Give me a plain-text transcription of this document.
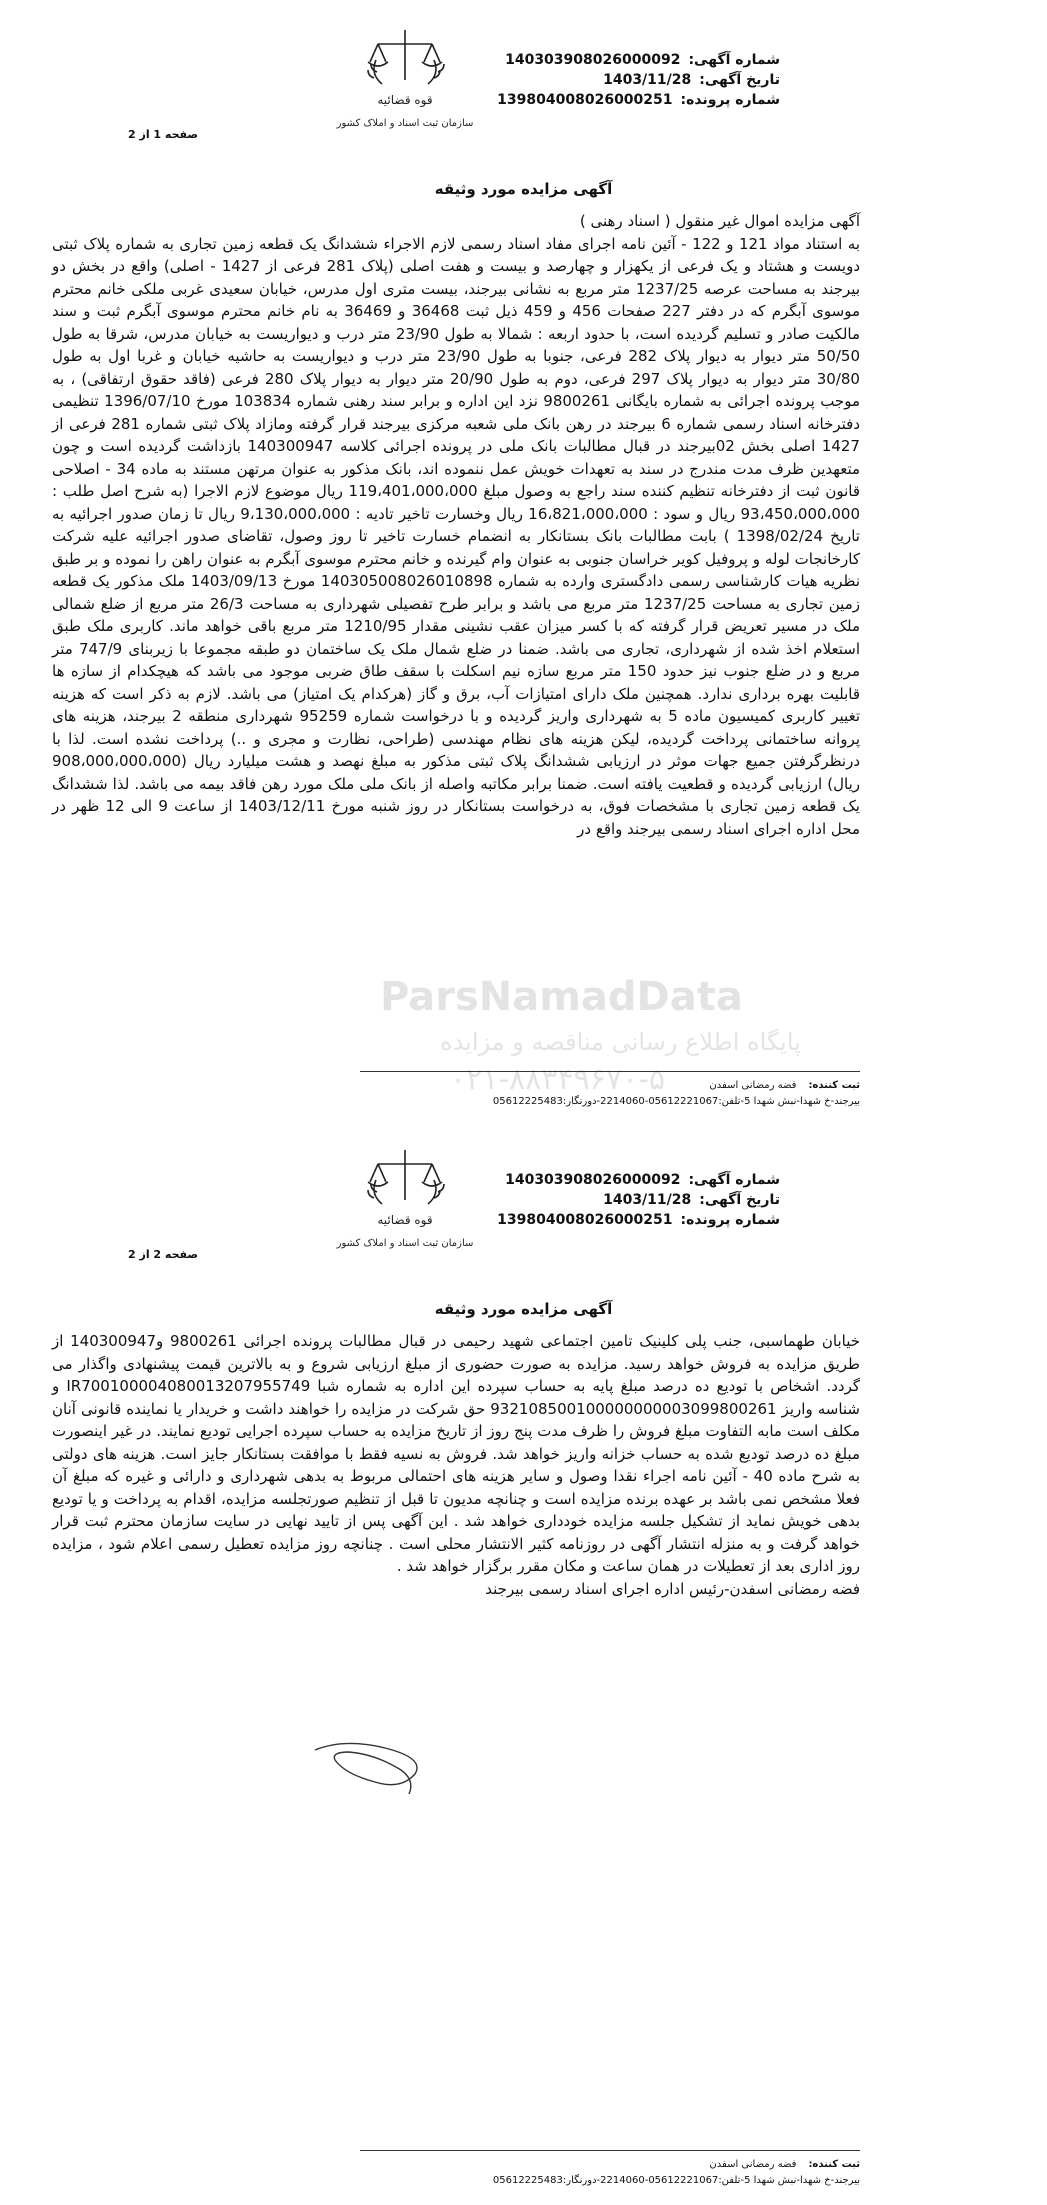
قوه قضائیه
سازمان ثبت اسناد و املاک کشور
شماره آگهی:140303908026000092
تاریخ آگهی:1403/11/28
شماره پرونده:139804008026000251
صفحه 1 از 2
آگهی مزایده مورد وثیقه

آگهی مزایده اموال غیر منقول ( اسناد رهنی )

به استناد مواد 121 و 122 - آئین نامه اجرای مفاد اسناد رسمی لازم الاجراء ششدانگ یک قطعه زمین تجاری به شماره پلاک ثبتی دویست و هشتاد و یک فرعی از یکهزار و چهارصد و بیست و هفت اصلی (پلاک 281 فرعی از 1427 - اصلی) واقع در بخش دو بیرجند به مساحت عرصه 1237/25 متر مربع به نشانی بیرجند، بیست متری اول مدرس، خیابان سعیدی غربی ملکی خانم محترم موسوی آبگرم که در دفتر 227 صفحات 456 و 459 ذیل ثبت 36468 و 36469 به نام خانم محترم موسوی آبگرم ثبت و سند مالکیت صادر و تسلیم گردیده است، با حدود اربعه : شمالا به طول 23/90 متر درب و دیواریست به خیابان مدرس، شرقا به طول 50/50 متر دیوار به دیوار پلاک 282 فرعی، جنوبا به طول 23/90 متر درب و دیواریست به حاشیه خیابان و غربا اول به طول 30/80 متر دیوار به دیوار پلاک 297 فرعی، دوم به طول 20/90 متر دیوار به دیوار پلاک 280 فرعی (فاقد حقوق ارتفاقی) ، به موجب پرونده اجرائی به شماره بایگانی 9800261 نزد این اداره و برابر سند رهنی شماره 103834 مورخ 1396/07/10 تنظیمی دفترخانه اسناد رسمی شماره 6 بیرجند در رهن بانک ملی شعبه مرکزی بیرجند قرار گرفته ومازاد پلاک ثبتی شماره 281 فرعی از 1427 اصلی بخش 02بیرجند در قبال مطالبات بانک ملی در پرونده اجرائی کلاسه 140300947 بازداشت گردیده است و چون متعهدین ظرف مدت مندرج در سند به تعهدات خویش عمل ننموده اند، بانک مذکور به عنوان مرتهن مستند به ماده 34 - اصلاحی قانون ثبت از دفترخانه تنظیم کننده سند راجع به وصول مبلغ 119،401،000،000 ریال موضوع لازم الاجرا (به شرح اصل طلب : 93،450،000،000 ریال و سود : 16،821،000،000 ریال وخسارت تاخیر تادیه : 9،130،000،000 ریال تا زمان صدور اجرائیه به تاریخ 1398/02/24 ) بابت مطالبات بانک بستانکار به انضمام خسارت تاخیر تا روز وصول، تقاضای صدور اجرائیه علیه شرکت کارخانجات لوله و پروفیل کویر خراسان جنوبی به عنوان وام گیرنده و خانم محترم موسوی آبگرم به عنوان راهن را نموده و بر طبق نظریه هیات کارشناسی رسمی دادگستری وارده به شماره 140305008026010898 مورخ 1403/09/13 ملک مذکور یک قطعه زمین تجاری به مساحت 1237/25 متر مربع می باشد و برابر طرح تفصیلی شهرداری به مساحت 26/3 متر مربع از ضلع شمالی ملک در مسیر تعریض قرار گرفته که با کسر میزان عقب نشینی مقدار 1210/95 متر مربع باقی خواهد ماند. کاربری ملک طبق استعلام اخذ شده از شهرداری، تجاری می باشد. ضمنا در ضلع شمال ملک یک ساختمان دو طبقه مجموعا با زیربنای 747/9 متر مربع و در ضلع جنوب نیز حدود 150 متر مربع سازه نیم اسکلت با سقف طاق ضربی موجود می باشد که هیچکدام از سازه ها قابلیت بهره برداری ندارد. همچنین ملک دارای امتیازات آب، برق و گاز (هرکدام یک امتیاز) می باشد. لازم به ذکر است که هزینه تغییر کاربری کمیسیون ماده 5 به شهرداری واریز گردیده و با درخواست شماره 95259 شهرداری منطقه 2 بیرجند، هزینه های پروانه ساختمانی پرداخت گردیده، لیکن هزینه های نظام مهندسی (طراحی، نظارت و مجری و ..) پرداخت نشده است. لذا با درنظرگرفتن جمیع جهات موثر در ارزیابی ششدانگ پلاک ثبتی مذکور به مبلغ نهصد و هشت میلیارد ریال (908،000،000،000 ریال) ارزیابی گردیده و قطعیت یافته است. ضمنا برابر مکاتبه واصله از بانک ملی ملک مورد رهن فاقد بیمه می باشد. لذا ششدانگ یک قطعه زمین تجاری با مشخصات فوق، به درخواست بستانکار در روز شنبه مورخ 1403/12/11 از ساعت 9 الی 12 ظهر در محل اداره اجرای اسناد رسمی بیرجند واقع در

ثبت کننده:فضه رمضانی اسفدن
بیرجند-خ شهدا-نبش شهدا 5-تلفن:05612221067-2214060-دورنگار:05612225483
ParsNamadData
پایگاه اطلاع رسانی مناقصه و مزایده
۰۲۱-۸۸۳۴۹۶۷۰-۵
قوه قضائیه
سازمان ثبت اسناد و املاک کشور
شماره آگهی:140303908026000092
تاریخ آگهی:1403/11/28
شماره پرونده:139804008026000251
صفحه 2 از 2
آگهی مزایده مورد وثیقه

خیابان طهماسبی، جنب پلی کلینیک تامین اجتماعی شهید رحیمی در قبال مطالبات پرونده اجرائی 9800261 و140300947 از طریق مزایده به فروش خواهد رسید. مزایده به صورت حضوری از مبلغ ارزیابی شروع و به بالاترین قیمت پیشنهادی واگذار می گردد. اشخاص با تودیع ده درصد مبلغ پایه به حساب سپرده این اداره به شماره شبا IR700100004080013207955749 و شناسه واریز 932108500100000000003099800261 حق شرکت در مزایده را خواهند داشت و خریدار یا نماینده قانونی آنان مکلف است مابه التفاوت مبلغ فروش را ظرف مدت پنج روز از تاریخ مزایده به حساب سپرده اجرایی تودیع نمایند. در غیر اینصورت مبلغ ده درصد تودیع شده به حساب خزانه واریز خواهد شد. فروش به نسیه فقط با موافقت بستانکار جایز است. هزینه های دولتی به شرح ماده 40 - آئین نامه اجراء نقدا وصول و سایر هزینه های احتمالی مربوط به بدهی شهرداری و دارائی و غیره که مبلغ آن فعلا مشخص نمی باشد بر عهده برنده مزایده است و چنانچه مدیون تا قبل از تنظیم صورتجلسه مزایده، اقدام به پرداخت و یا تودیع بدهی خویش نماید از تشکیل جلسه مزایده خودداری خواهد شد . این آگهی پس از تایید نهایی در سایت سازمان محترم ثبت قرار خواهد گرفت و به منزله انتشار آگهی در روزنامه کثیر الانتشار محلی است . چنانچه روز مزایده تعطیل رسمی اعلام شود ، مزایده روز اداری بعد از تعطیلات در همان ساعت و مکان مقرر برگزار خواهد شد .

فضه رمضانی اسفدن-رئیس اداره اجرای اسناد رسمی بیرجند

ثبت کننده:فضه رمضانی اسفدن
بیرجند-خ شهدا-نبش شهدا 5-تلفن:05612221067-2214060-دورنگار:05612225483
